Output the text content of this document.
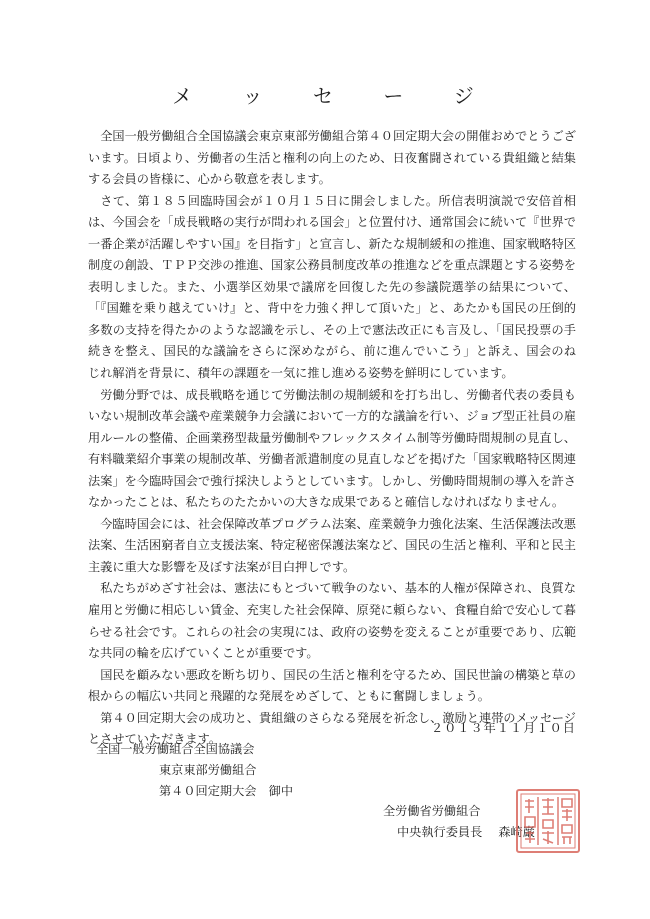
メ ッ セ ー ジ

全国一般労働組合全国協議会東京東部労働組合第４０回定期大会の開催おめでとうございます。日頃より、労働者の生活と権利の向上のため、日夜奮闘されている貴組織と結集する会員の皆様に、心から敬意を表します。

さて、第１８５回臨時国会が１０月１５日に開会しました。所信表明演説で安倍首相は、今国会を「成長戦略の実行が問われる国会」と位置付け、通常国会に続いて『世界で一番企業が活躍しやすい国』を目指す」と宣言し、新たな規制緩和の推進、国家戦略特区制度の創設、ＴＰＰ交渉の推進、国家公務員制度改革の推進などを重点課題とする姿勢を表明しました。また、小選挙区効果で議席を回復した先の参議院選挙の結果について、「『国難を乗り越えていけ』と、背中を力強く押して頂いた」と、あたかも国民の圧倒的多数の支持を得たかのような認識を示し、その上で憲法改正にも言及し、「国民投票の手続きを整え、国民的な議論をさらに深めながら、前に進んでいこう」と訴え、国会のねじれ解消を背景に、積年の課題を一気に推し進める姿勢を鮮明にしています。

労働分野では、成長戦略を通じて労働法制の規制緩和を打ち出し、労働者代表の委員もいない規制改革会議や産業競争力会議において一方的な議論を行い、ジョブ型正社員の雇用ルールの整備、企画業務型裁量労働制やフレックスタイム制等労働時間規制の見直し、有料職業紹介事業の規制改革、労働者派遣制度の見直しなどを掲げた「国家戦略特区関連法案」を今臨時国会で強行採決しようとしています。しかし、労働時間規制の導入を許さなかったことは、私たちのたたかいの大きな成果であると確信しなければなりません。

今臨時国会には、社会保障改革プログラム法案、産業競争力強化法案、生活保護法改悪法案、生活困窮者自立支援法案、特定秘密保護法案など、国民の生活と権利、平和と民主主義に重大な影響を及ぼす法案が目白押しです。

私たちがめざす社会は、憲法にもとづいて戦争のない、基本的人権が保障され、良質な雇用と労働に相応しい賃金、充実した社会保障、原発に頼らない、食糧自給で安心して暮らせる社会です。これらの社会の実現には、政府の姿勢を変えることが重要であり、広範な共同の輪を広げていくことが重要です。

国民を顧みない悪政を断ち切り、国民の生活と権利を守るため、国民世論の構築と草の根からの幅広い共同と飛躍的な発展をめざして、ともに奮闘しましょう。

第４０回定期大会の成功と、貴組織のさらなる発展を祈念し、激励と連帯のメッセージとさせていただきます。

２０１３年１１月１０日
全国一般労働組合全国協議会
東京東部労働組合
第４０回定期大会　御中
全労働省労働組合
中央執行委員長 森崎巌
